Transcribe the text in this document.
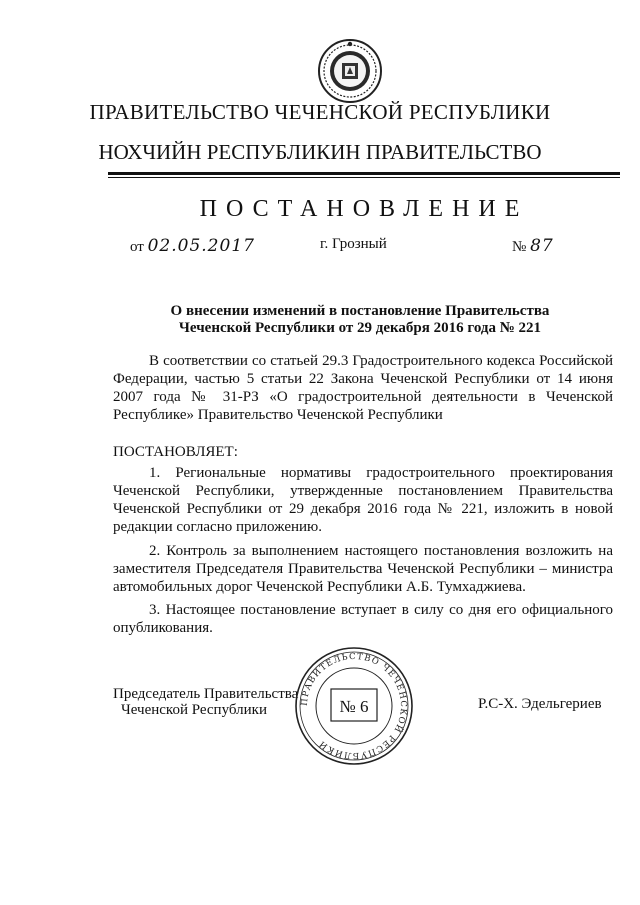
ПРАВИТЕЛЬСТВО ЧЕЧЕНСКОЙ РЕСПУБЛИКИ
НОХЧИЙН РЕСПУБЛИКИН ПРАВИТЕЛЬСТВО
ПОСТАНОВЛЕНИЕ
от 02.05.2017	г. Грозный	№ 87
О внесении изменений в постановление Правительства
Чеченской Республики от 29 декабря 2016 года № 221
В соответствии со статьей 29.3 Градостроительного кодекса Российской Федерации, частью 5 статьи 22 Закона Чеченской Республики от 14 июня 2007 года № 31-РЗ «О градостроительной деятельности в Чеченской Республике» Правительство Чеченской Республики
ПОСТАНОВЛЯЕТ:
1. Региональные нормативы градостроительного проектирования Чеченской Республики, утвержденные постановлением Правительства Чеченской Республики от 29 декабря 2016 года № 221, изложить в новой редакции согласно приложению.
2. Контроль за выполнением настоящего постановления возложить на заместителя Председателя Правительства Чеченской Республики – министра автомобильных дорог Чеченской Республики А.Б. Тумхаджиева.
3. Настоящее постановление вступает в силу со дня его официального опубликования.
Председатель Правительства
Чеченской Республики
ПРАВИТЕЛЬСТВО ЧЕЧЕНСКОЙ РЕСПУБЛИКИ
№ 6	Р.С-Х. Эдельгериев
